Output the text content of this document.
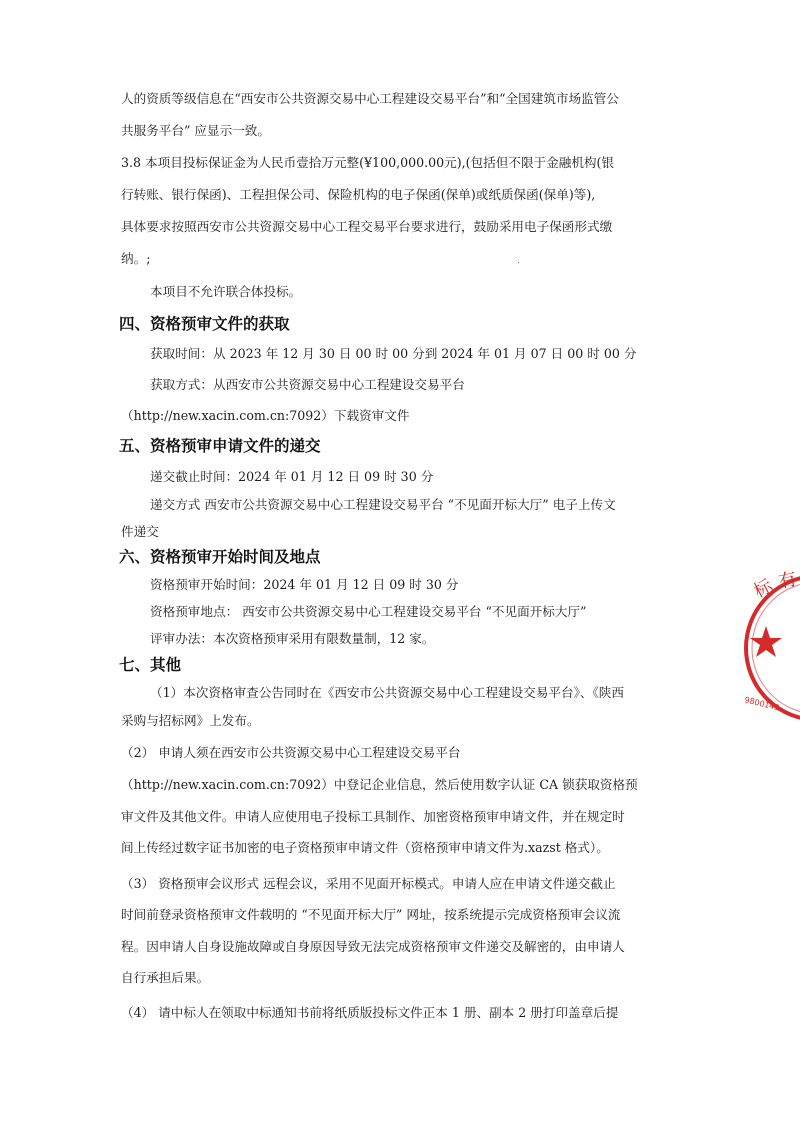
人的资质等级信息在“西安市公共资源交易中心工程建设交易平台”和“全国建筑市场监管公
共服务平台” 应显示一致。
3.8 本项目投标保证金为人民币壹拾万元整(¥100,000.00元),(包括但不限于金融机构(银
行转账、银行保函)、工程担保公司、保险机构的电子保函(保单)或纸质保函(保单)等),
具体要求按照西安市公共资源交易中心工程交易平台要求进行，鼓励采用电子保函形式缴
纳。;
本项目不允许联合体投标。
四、资格预审文件的获取
获取时间：从 2023 年 12 月 30 日 00 时 00 分到 2024 年 01 月 07 日 00 时 00 分
获取方式：从西安市公共资源交易中心工程建设交易平台
（http://new.xacin.com.cn:7092）下载资审文件
五、资格预审申请文件的递交
递交截止时间：2024 年 01 月 12 日 09 时 30 分
递交方式 西安市公共资源交易中心工程建设交易平台 “不见面开标大厅” 电子上传文
件递交
六、资格预审开始时间及地点
资格预审开始时间：2024 年 01 月 12 日 09 时 30 分
资格预审地点： 西安市公共资源交易中心工程建设交易平台 “不见面开标大厅”
评审办法：本次资格预审采用有限数量制，12 家。
七、其他
（1）本次资格审查公告同时在《西安市公共资源交易中心工程建设交易平台》、《陕西
采购与招标网》上发布。
（2） 申请人须在西安市公共资源交易中心工程建设交易平台
（http://new.xacin.com.cn:7092）中登记企业信息，然后使用数字认证 CA 锁获取资格预
审文件及其他文件。申请人应使用电子投标工具制作、加密资格预审申请文件，并在规定时
间上传经过数字证书加密的电子资格预审申请文件（资格预审申请文件为.xazst 格式）。
（3） 资格预审会议形式 远程会议，采用不见面开标模式。申请人应在申请文件递交截止
时间前登录资格预审文件载明的 “不见面开标大厅” 网址，按系统提示完成资格预审会议流
程。因申请人自身设施故障或自身原因导致无法完成资格预审文件递交及解密的，由申请人
自行承担后果。
（4） 请中标人在领取中标通知书前将纸质版投标文件正本 1 册、副本 2 册打印盖章后提
标 有
9800143
